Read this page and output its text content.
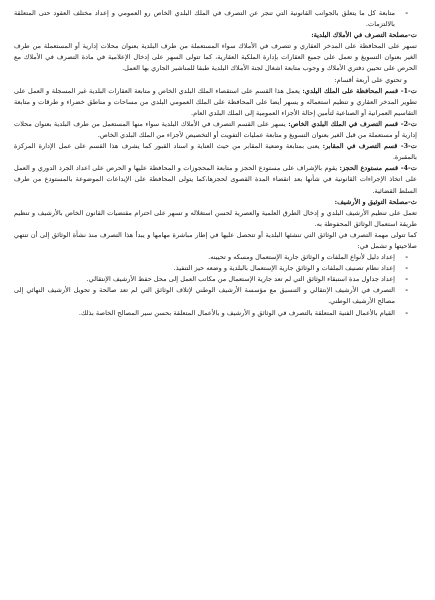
-
متابعة كل ما يتعلق بالجوانب القانونية التي تنجر عن التصرف في الملك البلدي الخاص رو العمومي و إعداد مختلف العقود حتى المتعلقة بالالتزمات.

ت-مصلحة التصرف في الأملاك البلدية:

تسهر على المحافظة على المدخر العقاري و تتصرف في الأملاك سواء المستعملة من طرف البلدية بعنوان محلات إدارية أو المستعملة من طرف الغير بعنوان التسويغ و تعمل على جميع العقارات بإدارة الملكية العقارية، كما تتولى السهر على إدخال الإعلامية في مادة التصرف في الأملاك مع الحرص على تحيين دفتري الأملاك و وجوب متابعة اشغال لجنة الأملاك البلدية طبقا للمناشير الجاري بها العمل.

و تحتوي على أربعة أقسام:

ت-1- قسم المحافظة على الملك البلدي: يعمل هذا القسم على استقصاء الملك البلدي الخاص و متابعة العقارات البلدية غير المسجلة و العمل على تطوير المدخر العقاري و تنظيم استعماله و يسهر أيضا على المحافظة على الملك العمومي البلدي من مساحات و مناطق خضراء و طرقات و متابعة التقاسيم العمرانية أو الصناعية لتأمين إحالة الأجزاء العمومية إلى الملك البلدي العام.

ت-2- قسم التصرف في الملك البلدي الخاص: يسهر على القسم التصرف في الأملاك البلدية سواء منها المستعمل من طرف البلدية بعنوان محلات إدارية أو مستعملة من قبل الغير بعنوان التسويغ و متابعة عمليات التفويت أو التخصيص لأجزاء من الملك البلدي الخاص.

ت-3- قسم التصرف في المقابر: يعنى بمتابعة وضعية المقابر من حيث العناية و اسناد القبور كما يشرف هذا القسم على عمل الإدارة المركزة بالمقبرة.

ت-4- قسم مستودع الحجز: يقوم بالإشراف على مستودع الحجز و متابعة المحجوزات و المحافظة عليها و الحرص على اعداد الجرد الدوري و العمل على اتخاذ الإجراءات القانونية في شأنها بعد انقضاء المدة القصوى لحجزها،كما يتولى المحافظة على الإيداعات الموضوعة بالمستودع من طرف السلط القضائية.

ث-مصلحة التوثيق و الأرشيف:

تعمل على تنظيم الأرشيف البلدي و إدخال الطرق العلمية والعصرية لحسن استغلاله و تسهر على احترام مقتضيات القانون الخاص بالأرشيف و تنظيم طريقة استعمال الوثائق المحفوظة به.

كما تتولى مهمة التصرف في الوثائق التي تنشئها البلدية أو تتحصل عليها في إطار مباشرة مهامها و يبدأ هذا التصرف منذ نشأة الوثائق إلى أن تنتهي صلاحيتها و تشمل في:

-
إعداد دليل لأنواع الملفات و الوثائق جارية الإستعمال ومسكه و تحيينه.

-
إعداد نظام تصنيف الملفات و الوثائق جارية الإستعمال بالبلدية و وضعه حيز التنفيذ.

-
إعداد جداول مدة استبقاء الوثائق التي لم تعد جارية الإستعمال من مكاتب العمل إلى محل حفظ الأرشيف الإنتقالي.

-
التصرف في الأرشيف الإنتقالي و التنسيق مع مؤسسة الأرشيف الوطني لإتلاف الوثائق التي لم تعد صالحة و تحويل الأرشيف النهائي إلى مصالح الأرشيف الوطني.

-
القيام بالأعمال الفنية المتعلقة بالتصرف في الوثائق و الأرشيف و بالأعمال المتعلقة بحسن سير المصالح الخاصة بذلك.
